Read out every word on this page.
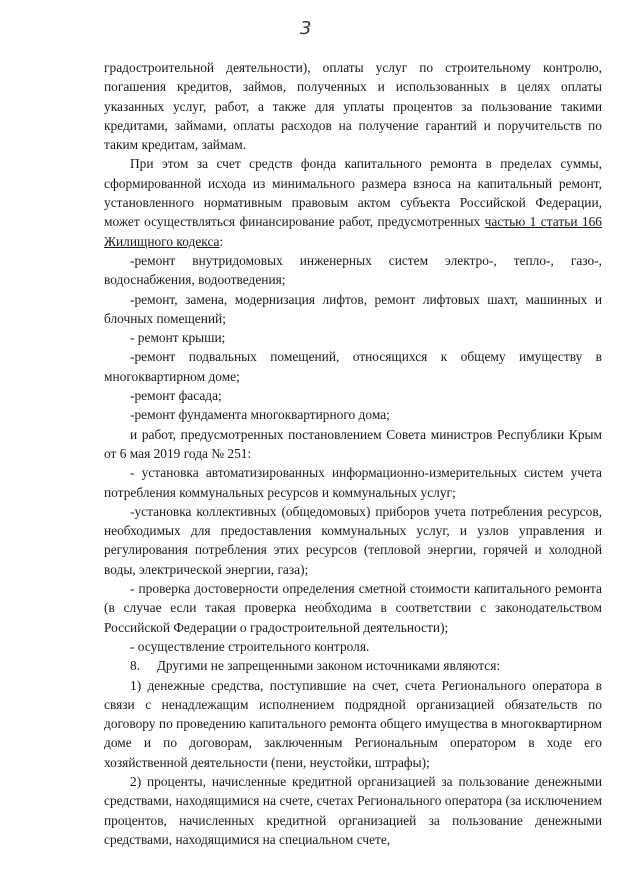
3

градостроительной деятельности), оплаты услуг по строительному контролю, погашения кредитов, займов, полученных и использованных в целях оплаты указанных услуг, работ, а также для уплаты процентов за пользование такими кредитами, займами, оплаты расходов на получение гарантий и поручительств по таким кредитам, займам.

При этом за счет средств фонда капитального ремонта в пределах суммы, сформированной исхода из минимального размера взноса на капитальный ремонт, установленного нормативным правовым актом субъекта Российской Федерации, может осуществляться финансирование работ, предусмотренных частью 1 статьи 166 Жилищного кодекса:

-ремонт внутридомовых инженерных систем электро-, тепло-, газо-, водоснабжения, водоотведения;

-ремонт, замена, модернизация лифтов, ремонт лифтовых шахт, машинных и блочных помещений;

- ремонт крыши;

-ремонт подвальных помещений, относящихся к общему имуществу в многоквартирном доме;

-ремонт фасада;

-ремонт фундамента многоквартирного дома;

и работ, предусмотренных постановлением Совета министров Республики Крым от 6 мая 2019 года № 251:

- установка автоматизированных информационно-измерительных систем учета потребления коммунальных ресурсов и коммунальных услуг;

-установка коллективных (общедомовых) приборов учета потребления ресурсов, необходимых для предоставления коммунальных услуг, и узлов управления и регулирования потребления этих ресурсов (тепловой энергии, горячей и холодной воды, электрической энергии, газа);

- проверка достоверности определения сметной стоимости капитального ремонта (в случае если такая проверка необходима в соответствии с законодательством Российской Федерации о градостроительной деятельности);

- осуществление строительного контроля.

8.     Другими не запрещенными законом источниками являются:

1) денежные средства, поступившие на счет, счета Регионального оператора в связи с ненадлежащим исполнением подрядной организацией обязательств по договору по проведению капитального ремонта общего имущества в многоквартирном доме и по договорам, заключенным Региональным оператором в ходе его хозяйственной деятельности (пени, неустойки, штрафы);

2) проценты, начисленные кредитной организацией за пользование денежными средствами, находящимися на счете, счетах Регионального оператора (за исключением процентов, начисленных кредитной организацией за пользование денежными средствами, находящимися на специальном счете,
